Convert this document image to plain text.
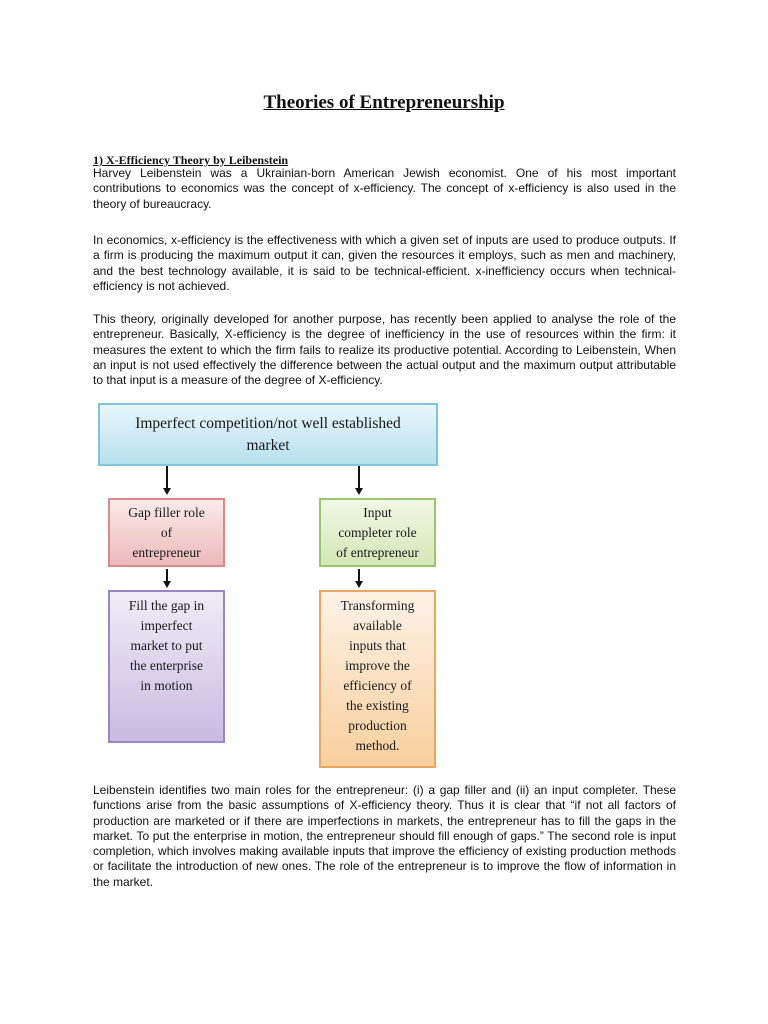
Theories of Entrepreneurship
1) X-Efficiency Theory by Leibenstein

Harvey Leibenstein was a Ukrainian-born American Jewish economist. One of his most important contributions to economics was the concept of x-efficiency. The concept of x-efficiency is also used in the theory of bureaucracy.

In economics, x-efficiency is the effectiveness with which a given set of inputs are used to produce outputs. If a firm is producing the maximum output it can, given the resources it employs, such as men and machinery, and the best technology available, it is said to be technical-efficient. x-inefficiency occurs when technical-efficiency is not achieved.

This theory, originally developed for another purpose, has recently been applied to analyse the role of the entrepreneur. Basically, X-efficiency is the degree of inefficiency in the use of resources within the firm: it measures the extent to which the firm fails to realize its productive potential. According to Leibenstein, When an input is not used effectively the difference between the actual output and the maximum output attributable to that input is a measure of the degree of X-efficiency.

Imperfect competition/not well established
market
Gap filler role
of
entrepreneur
Input
completer role
of entrepreneur
Fill the gap in
imperfect
market to put
the enterprise
in motion
Transforming
available
inputs that
improve the
efficiency of
the existing
production
method.

Leibenstein identifies two main roles for the entrepreneur: (i) a gap filler and (ii) an input completer. These functions arise from the basic assumptions of X-efficiency theory. Thus it is clear that “if not all factors of production are marketed or if there are imperfections in markets, the entrepreneur has to fill the gaps in the market. To put the enterprise in motion, the entrepreneur should fill enough of gaps.” The second role is input completion, which involves making available inputs that improve the efficiency of existing production methods or facilitate the introduction of new ones. The role of the entrepreneur is to improve the flow of information in the market.
